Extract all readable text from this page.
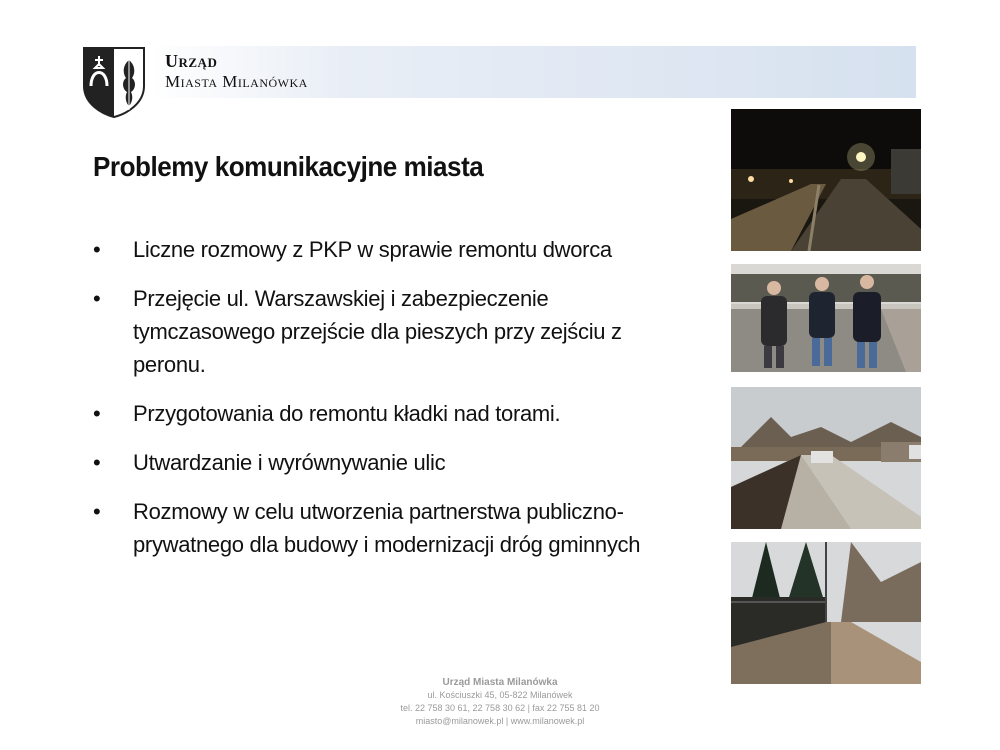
Urząd
Miasta Milanówka
Problemy komunikacyjne miasta
• Liczne rozmowy z PKP w sprawie remontu dworca
• Przejęcie ul. Warszawskiej i zabezpieczenie tymczasowego przejście dla pieszych przy zejściu z peronu.
• Przygotowania do remontu kładki nad torami.
• Utwardzanie i wyrównywanie ulic
• Rozmowy w celu utworzenia partnerstwa publiczno-prywatnego dla budowy i modernizacji dróg gminnych
Urząd Miasta Milanówka
ul. Kościuszki 45, 05-822 Milanówek
tel. 22 758 30 61, 22 758 30 62 | fax 22 755 81 20
miasto@milanowek.pl | www.milanowek.pl
